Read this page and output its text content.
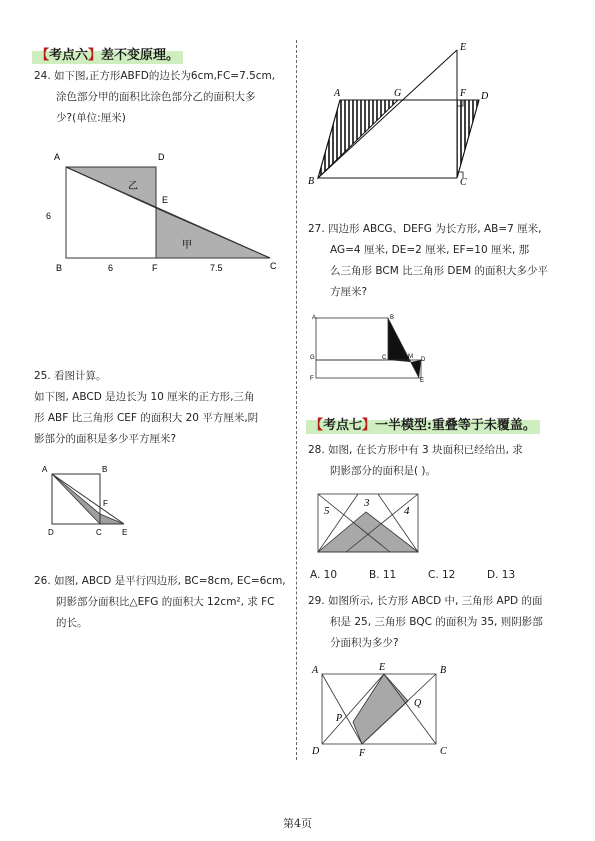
【考点六】差不变原理。
24. 如下图,正方形ABFD的边长为6cm,FC=7.5cm,
涂色部分甲的面积比涂色部分乙的面积大多
少?(单位:厘米)
A	D
E
B	F	C
乙
甲
6
6	7.5
25. 看图计算。
如下图, ABCD 是边长为 10 厘米的正方形,三角
形 ABF 比三角形 CEF 的面积大 20 平方厘米,阴
影部分的面积是多少平方厘米?
A	B
F
D	C	E
26. 如图, ABCD 是平行四边形, BC=8cm, EC=6cm,
阴影部分面积比△EFG 的面积大 12cm², 求 FC
的长。
A	G	F D
E
B	C
27. 四边形 ABCG、DEFG 为长方形, AB=7 厘米,
AG=4 厘米, DE=2 厘米, EF=10 厘米, 那
么三角形 BCM 比三角形 DEM 的面积大多少平
方厘米?
A	B
G	C	M D
F	E
【考点七】一半模型:重叠等于未覆盖。
28. 如图, 在长方形中有 3 块面积已经给出, 求
阴影部分的面积是( )。
5
3
4
A. 10	B. 11	C. 12	D. 13
29. 如图所示, 长方形 ABCD 中, 三角形 APD 的面
积是 25, 三角形 BQC 的面积为 35, 则阴影部
分面积为多少?
A	E	B
P
Q
D	F	C
第4页
